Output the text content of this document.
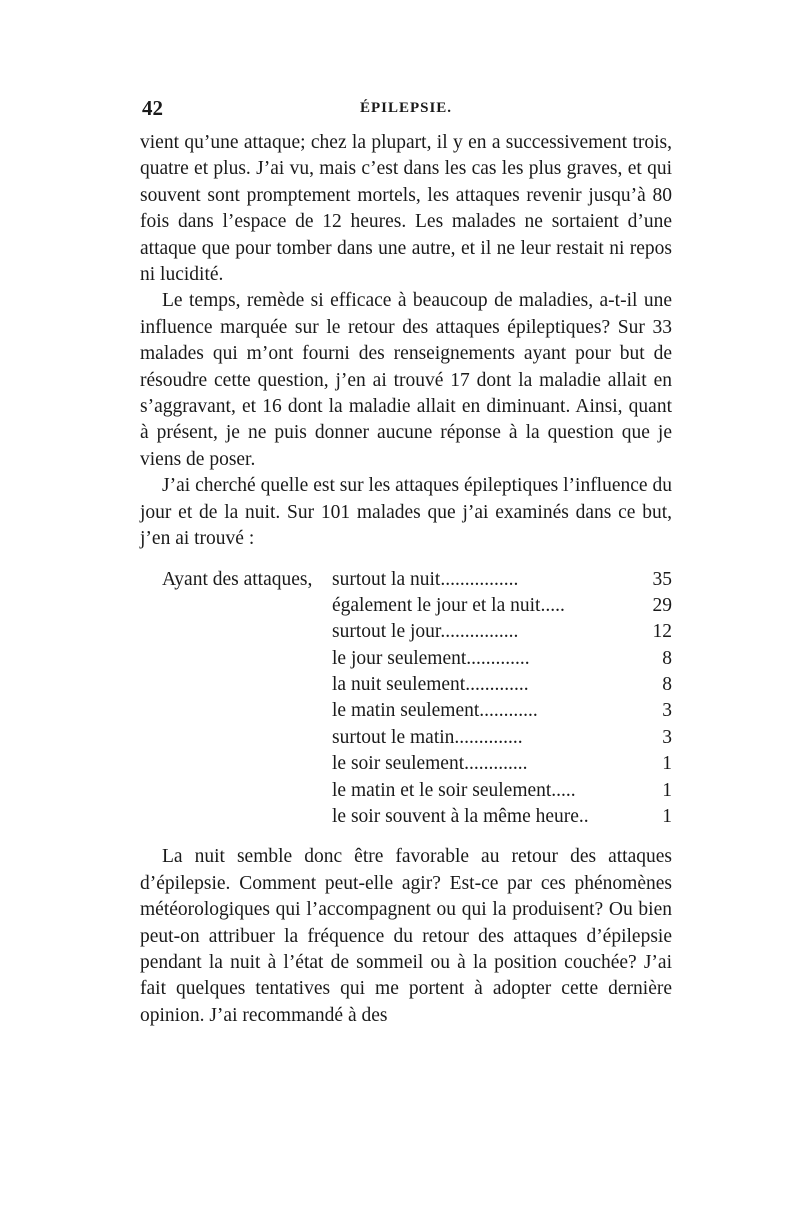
42	ÉPILEPSIE.

vient qu’une attaque; chez la plupart, il y en a successivement trois, quatre et plus. J’ai vu, mais c’est dans les cas les plus graves, et qui souvent sont promptement mortels, les attaques revenir jusqu’à 80 fois dans l’espace de 12 heures. Les malades ne sortaient d’une attaque que pour tomber dans une autre, et il ne leur restait ni repos ni lucidité.

Le temps, remède si efficace à beaucoup de maladies, a-t-il une influence marquée sur le retour des attaques épileptiques? Sur 33 malades qui m’ont fourni des renseignements ayant pour but de résoudre cette question, j’en ai trouvé 17 dont la maladie allait en s’aggravant, et 16 dont la maladie allait en diminuant. Ainsi, quant à présent, je ne puis donner aucune réponse à la question que je viens de poser.

J’ai cherché quelle est sur les attaques épileptiques l’influence du jour et de la nuit. Sur 101 malades que j’ai examinés dans ce but, j’en ai trouvé :

Ayant des attaques, surtout la nuit................	35
également le jour et la nuit.....	29
surtout le jour................	12
le jour seulement.............	8
la nuit seulement.............	8
le matin seulement............	3
surtout le matin..............	3
le soir seulement.............	1
le matin et le soir seulement.....	1
le soir souvent à la même heure..	1

La nuit semble donc être favorable au retour des attaques d’épilepsie. Comment peut-elle agir? Est-ce par ces phénomènes météorologiques qui l’accompagnent ou qui la produisent? Ou bien peut-on attribuer la fréquence du retour des attaques d’épilepsie pendant la nuit à l’état de sommeil ou à la position couchée? J’ai fait quelques tentatives qui me portent à adopter cette dernière opinion. J’ai recommandé à des
